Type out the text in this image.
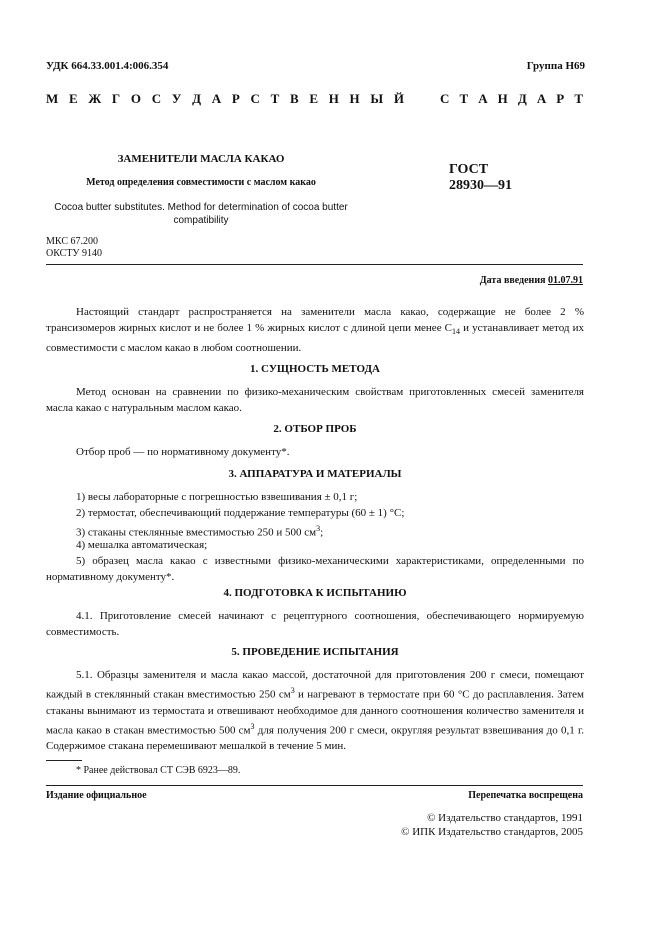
УДК 664.33.001.4:006.354	Группа Н69
М Е Ж Г О С У Д А Р С Т В Е Н Н Ы Й	С Т А Н Д А Р Т
ЗАМЕНИТЕЛИ МАСЛА КАКАО
Метод определения совместимости с маслом какао
Cocoa butter substitutes. Method for determination of cocoa butter compatibility
ГОСТ
28930—91
МКС 67.200
ОКСТУ 9140
Дата введения 01.07.91
Настоящий стандарт распространяется на заменители масла какао, содержащие не более 2 % трансизомеров жирных кислот и не более 1 % жирных кислот с длиной цепи менее $С_{14}$ и устанавливает метод их совместимости с маслом какао в любом соотношении.
1. СУЩНОСТЬ МЕТОДА
Метод основан на сравнении по физико-механическим свойствам приготовленных смесей заменителя масла какао с натуральным маслом какао.
2. ОТБОР ПРОБ
Отбор проб — по нормативному документу*.
3. АППАРАТУРА И МАТЕРИАЛЫ
1) весы лабораторные с погрешностью взвешивания ± 0,1 г;
2) термостат, обеспечивающий поддержание температуры (60 ± 1) °С;
3) стаканы стеклянные вместимостью 250 и 500 $см^3$;
4) мешалка автоматическая;
5) образец масла какао с известными физико-механическими характеристиками, определенными по нормативному документу*.
4. ПОДГОТОВКА К ИСПЫТАНИЮ
4.1. Приготовление смесей начинают с рецептурного соотношения, обеспечивающего нормируемую совместимость.
5. ПРОВЕДЕНИЕ ИСПЫТАНИЯ
5.1. Образцы заменителя и масла какао массой, достаточной для приготовления 200 г смеси, помещают каждый в стеклянный стакан вместимостью 250 $см^3$ и нагревают в термостате при 60 °С до расплавления. Затем стаканы вынимают из термостата и отвешивают необходимое для данного соотношения количество заменителя и масла какао в стакан вместимостью 500 $см^3$ для получения 200 г смеси, округляя результат взвешивания до 0,1 г. Содержимое стакана перемешивают мешалкой в течение 5 мин.
* Ранее действовал СТ СЭВ 6923—89.
Издание официальное	Перепечатка воспрещена
© Издательство стандартов, 1991
© ИПК Издательство стандартов, 2005
